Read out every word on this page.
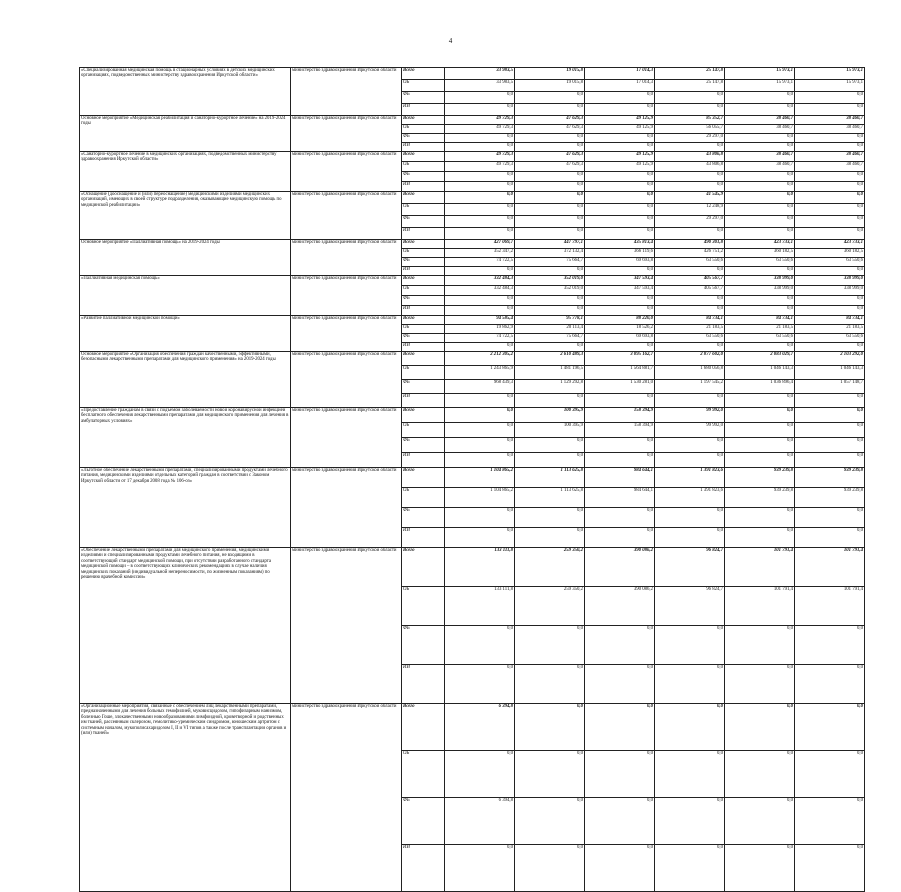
4
«Специализированная медицинская помощь в стационарных условиях в детских медицинских организациях, подведомственных министерству здравоохранения Иркутской области»	министерство здравоохранения Иркутской области	Всего	33 983,5	19 015,8	17 014,3	25 147,8	15 973,1	15 973,1
		ОБ	33 983,5	19 015,8	17 014,3	25 147,8	15 973,1	15 973,1
		ФБ	0,0	0,0	0,0	0,0	0,0	0,0
		ИИ	0,0	0,0	0,0	0,0	0,0	0,0
Основное мероприятие «Медицинская реабилитация и санаторно-курортное лечение» на 2019-2024 годы	министерство здравоохранения Иркутской области	Всего	49 729,3	47 629,3	49 125,9	85 352,7	38 460,7	38 460,7
		ОБ	49 729,3	47 629,3	49 125,9	56 055,7	38 460,7	38 460,7
		ФБ	0,0	0,0	0,0	29 297,0	0,0	0,0
		ИИ	0,0	0,0	0,0	0,0	0,0	0,0
«Санаторно-курортное лечение в медицинских организациях, подведомственных министерству здравоохранения Иркутской области»	министерство здравоохранения Иркутской области	Всего	49 729,3	47 629,3	49 125,9	43 806,8	38 460,7	38 460,7
		ОБ	49 729,3	47 629,3	49 125,9	43 806,8	38 460,7	38 460,7
		ФБ	0,0	0,0	0,0	0,0	0,0	0,0
		ИИ	0,0	0,0	0,0	0,0	0,0	0,0
«Оснащение (дооснащение и (или) переоснащение) медицинскими изделиями медицинских организаций, имеющих в своей структуре подразделения, оказывающие медицинскую помощь по медицинской реабилитации»	министерство здравоохранения Иркутской области	Всего	0,0	0,0	0,0	41 545,9	0,0	0,0
		ОБ	0,0	0,0	0,0	12 248,9	0,0	0,0
		ФБ	0,0	0,0	0,0	29 297,0	0,0	0,0
		ИИ	0,0	0,0	0,0	0,0	0,0	0,0
Основное мероприятие «Паллиативная помощь» на 2019-2024 годы	министерство здравоохранения Иркутской области	Всего	427 069,7	447 797,1	435 813,4	490 301,8	423 733,1	423 733,1
		ОБ	352 347,2	372 132,4	366 119,6	426 751,2	360 182,5	360 182,5
		ФБ	74 722,5	75 664,7	69 693,8	63 550,6	63 550,6	63 550,6
		ИИ	0,0	0,0	0,0	0,0	0,0	0,0
«Паллиативная медицинская помощь»	министерство здравоохранения Иркутской области	Всего	332 484,3	352 019,0	347 593,4	405 567,7	338 999,0	338 999,0
		ОБ	332 484,3	352 019,0	347 593,4	405 567,7	338 999,0	338 999,0
		ФБ	0,0	0,0	0,0	0,0	0,0	0,0
		ИИ	0,0	0,0	0,0	0,0	0,0	0,0
«Развитие паллиативной медицинской помощи»	министерство здравоохранения Иркутской области	Всего	94 585,4	95 778,1	88 220,0	84 734,1	84 734,1	84 734,1
		ОБ	19 862,9	20 113,4	18 526,2	21 183,5	21 183,5	21 183,5
		ФБ	74 722,5	75 664,7	69 693,8	63 550,6	63 550,6	63 550,6
		ИИ	0,0	0,0	0,0	0,0	0,0	0,0
Основное мероприятие «Организация обеспечения граждан качественными, эффективными, безопасными лекарственными препаратами для медицинского применения» на 2019-2024 годы	министерство здравоохранения Иркутской области	Всего	2 212 305,2	2 610 489,3	3 095 162,7	2 877 602,0	2 083 029,7	2 103 292,0
		ОБ	1 243 865,9	1 481 196,5	1 564 881,7	1 680 056,8	1 046 143,3	1 046 143,3
		ФБ	968 439,3	1 129 292,8	1 530 281,0	1 197 545,2	1 036 896,4	1 057 148,7
		ИИ	0,0	0,0	0,0	0,0	0,0	0,0
«Предоставление гражданам в связи с подъемом заболеваемости новой коронавирусной инфекцией бесплатного обеспечения лекарственными препаратами для медицинского применения для лечения в амбулаторных условиях»	министерство здравоохранения Иркутской области	Всего	0,0	100 395,9	158 394,9	99 992,0	0,0	0,0
		ОБ	0,0	100 395,9	158 394,9	99 992,0	0,0	0,0
		ФБ	0,0	0,0	0,0	0,0	0,0	0,0
		ИИ	0,0	0,0	0,0	0,0	0,0	0,0
«Льготное обеспечение лекарственными препаратами, специализированными продуктами лечебного питания, медицинскими изделиями отдельных категорий граждан в соответствии с Законом Иркутской области от 17 декабря 2008 года № 106-оз»	министерство здравоохранения Иркутской области	Всего	1 104 865,2	1 113 625,8	984 644,1	1 391 823,6	939 239,8	939 239,8
		ОБ	1 104 865,2	1 113 625,8	984 644,1	1 391 823,6	939 239,8	939 239,8
		ФБ	0,0	0,0	0,0	0,0	0,0	0,0
		ИИ	0,0	0,0	0,0	0,0	0,0	0,0
«Обеспечение лекарственными препаратами для медицинского применения, медицинскими изделиями и специализированными продуктами лечебного питания, не входящими в соответствующий стандарт медицинской помощи, при отсутствии разработанного стандарта медицинской помощи – в соответствующих клинических рекомендациях в случае наличия медицинских показаний (индивидуальной непереносимости, по жизненным показаниям) по решению врачебной комиссии»	министерство здравоохранения Иркутской области	Всего	133 111,8	259 350,2	390 086,2	96 824,7	101 791,4	101 791,4
		ОБ	133 111,8	259 350,2	390 086,2	96 824,7	101 791,4	101 791,4
		ФБ	0,0	0,0	0,0	0,0	0,0	0,0
		ИИ	0,0	0,0	0,0	0,0	0,0	0,0
«Организационные мероприятия, связанные с обеспечением лиц лекарственными препаратами, предназначенными для лечения больных гемофилией, муковисцидозом, гипофизарным нанизмом, болезнью Гоше, злокачественными новообразованиями лимфоидной, кроветворной и родственных им тканей, рассеянным склерозом, гемолитико-уремическим синдромом, юношеским артритом с системным началом, мукополисахаридозом I, II и VI типов а также после трансплантации органов и (или) тканей»	министерство здравоохранения Иркутской области	Всего	6 394,8	0,0	0,0	0,0	0,0	0,0
		ОБ	0,0	0,0	0,0	0,0	0,0	0,0
		ФБ	6 394,8	0,0	0,0	0,0	0,0	0,0
		ИИ	0,0	0,0	0,0	0,0	0,0	0,0
